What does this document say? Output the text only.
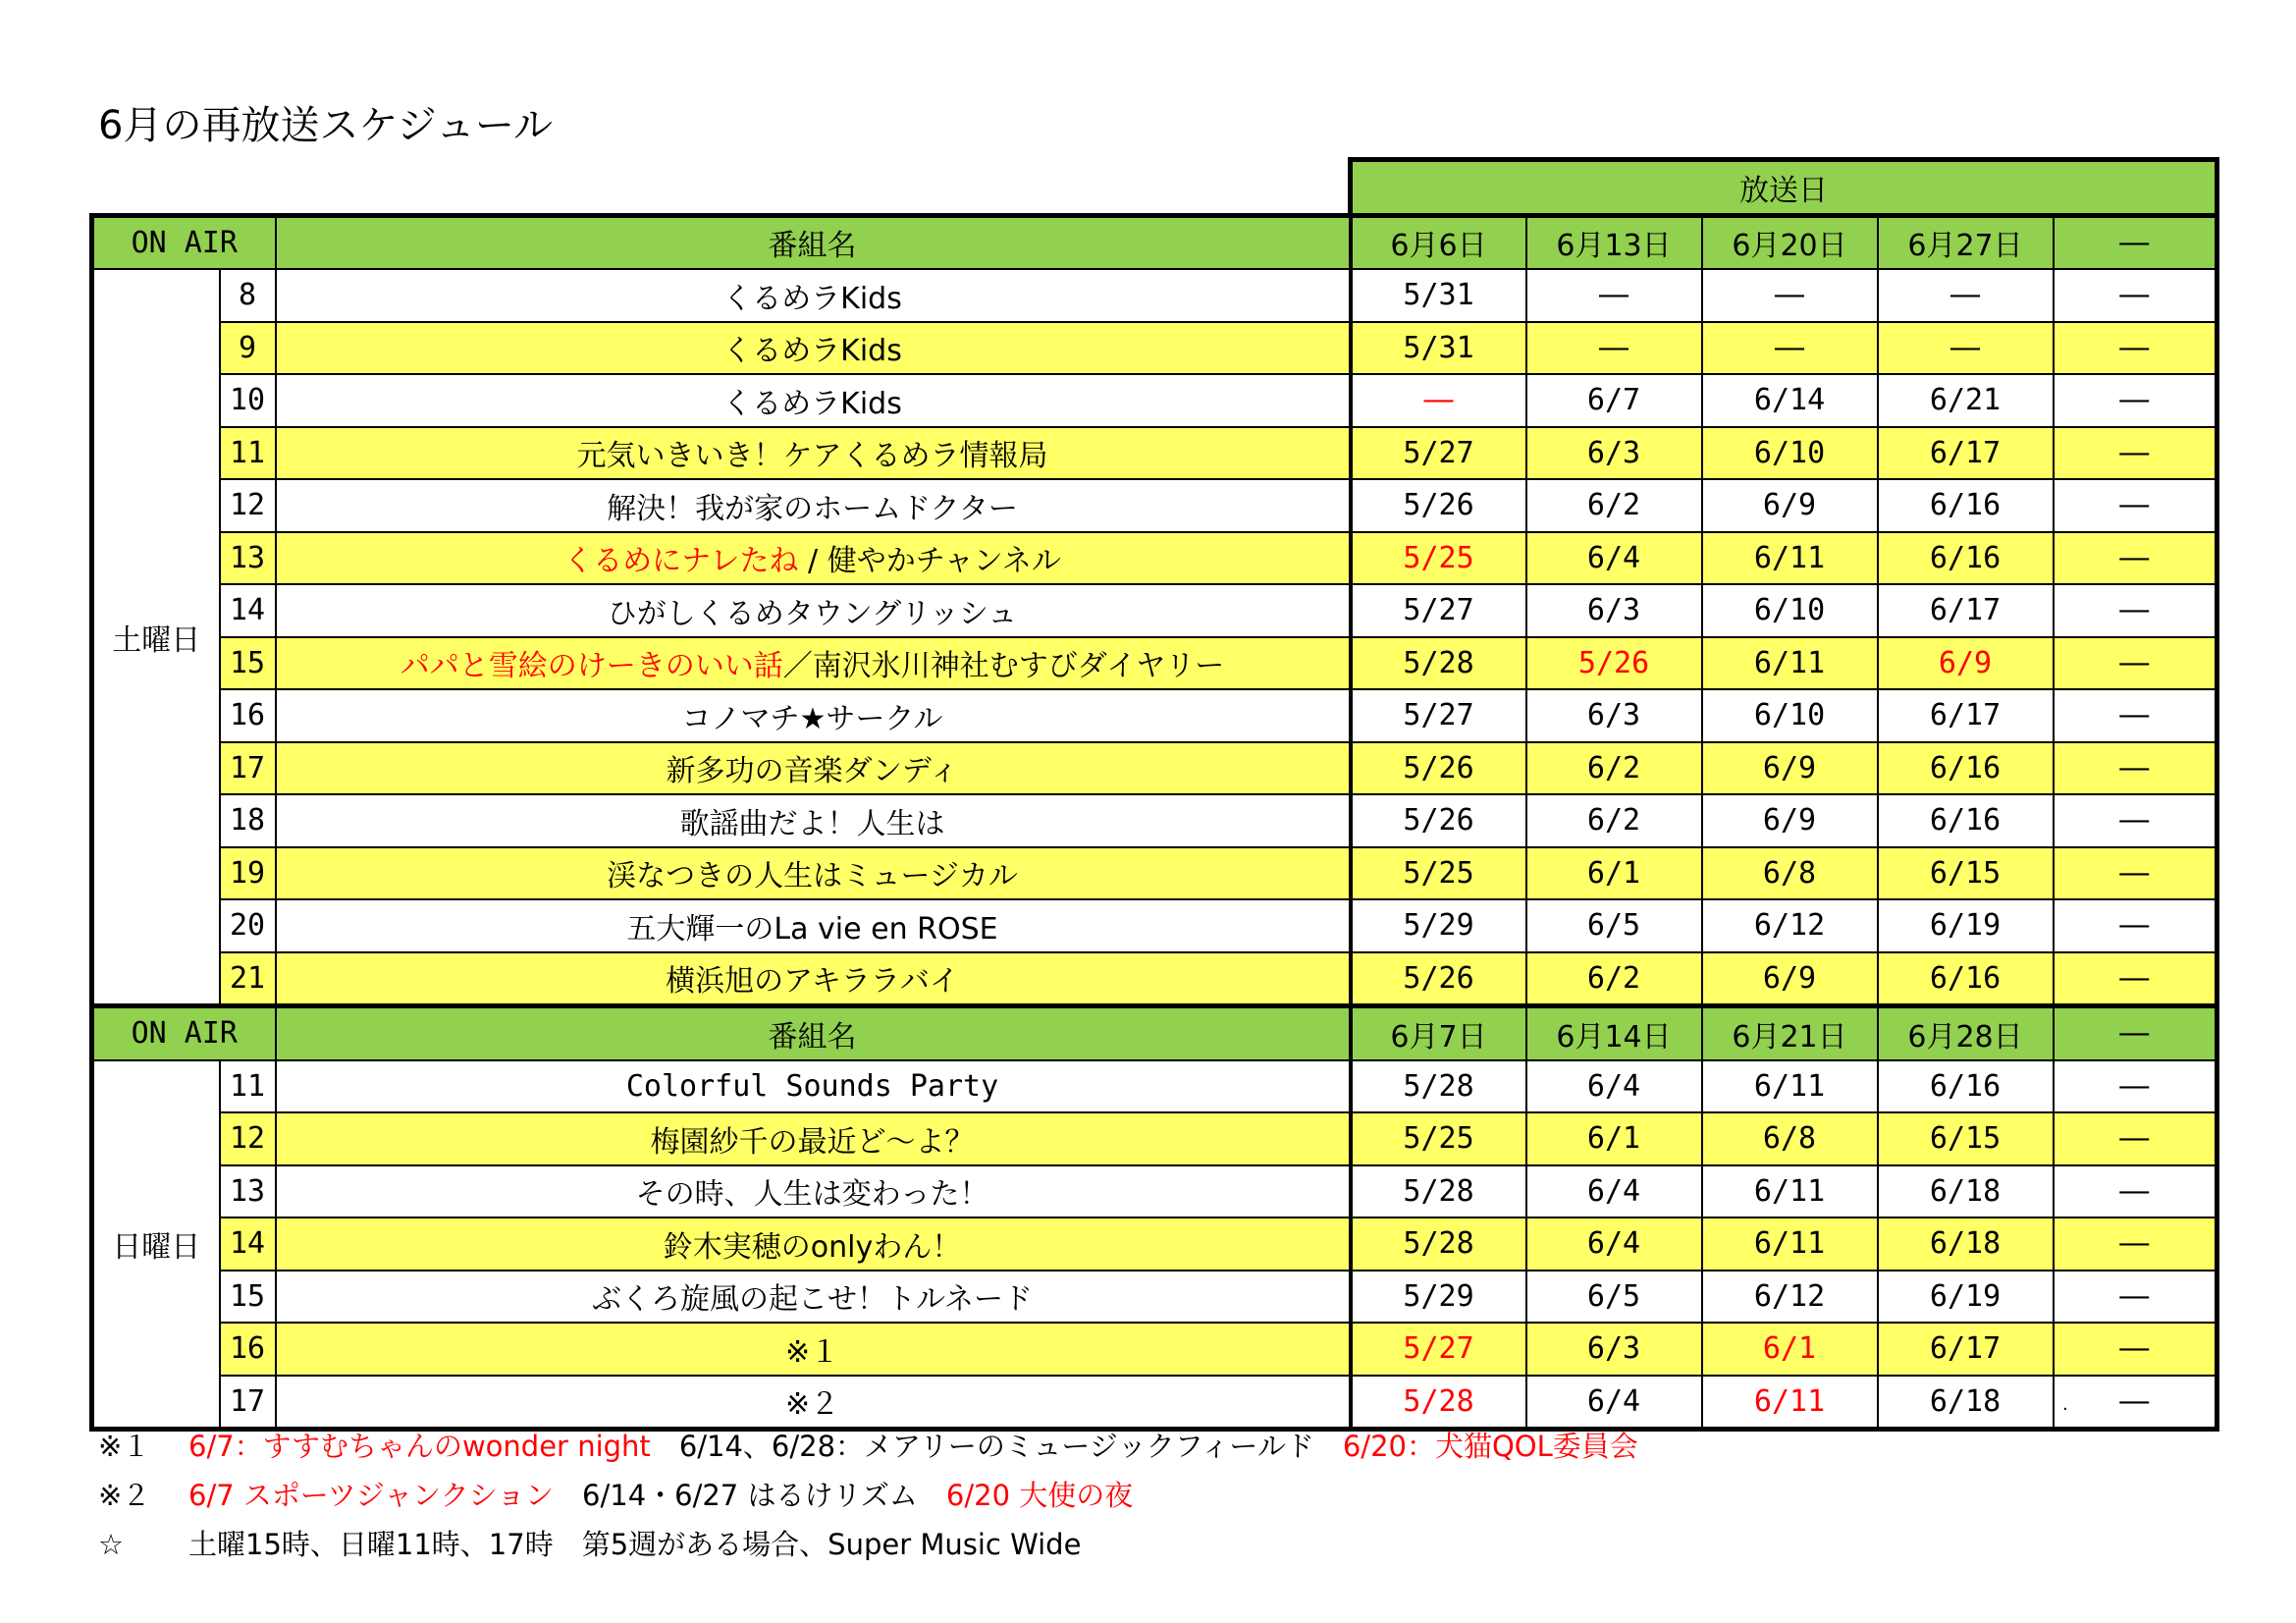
6月の再放送スケジュール
			放送日				
ON AIR		番組名	6月6日	6月13日	6月20日	6月27日	―
土曜日	8	くるめラKids	5/31	―	―	―	―
	9	くるめラKids	5/31	―	―	―	―
	10	くるめラKids	―	6/7	6/14	6/21	―
	11	元気いきいき！ケアくるめラ情報局	5/27	6/3	6/10	6/17	―
	12	解決！我が家のホームドクター	5/26	6/2	6/9	6/16	―
	13	くるめにナレたね / 健やかチャンネル	5/25	6/4	6/11	6/16	―
	14	ひがしくるめタウングリッシュ	5/27	6/3	6/10	6/17	―
	15	パパと雪絵のけーきのいい話／南沢氷川神社むすびダイヤリー	5/28	5/26	6/11	6/9	―
	16	コノマチ★サークル	5/27	6/3	6/10	6/17	―
	17	新多功の音楽ダンディ	5/26	6/2	6/9	6/16	―
	18	歌謡曲だよ！人生は	5/26	6/2	6/9	6/16	―
	19	渓なつきの人生はミュージカル	5/25	6/1	6/8	6/15	―
	20	五大輝一のLa vie en ROSE	5/29	6/5	6/12	6/19	―
	21	横浜旭のアキララバイ	5/26	6/2	6/9	6/16	―
ON AIR		番組名	6月7日	6月14日	6月21日	6月28日	―
日曜日	11	Colorful Sounds Party	5/28	6/4	6/11	6/16	―
	12	梅園紗千の最近ど～よ？	5/25	6/1	6/8	6/15	―
	13	その時、人生は変わった！	5/28	6/4	6/11	6/18	―
	14	鈴木実穂のonlyわん！	5/28	6/4	6/11	6/18	―
	15	ぶくろ旋風の起こせ！トルネード	5/29	6/5	6/12	6/19	―
	16	※１	5/27	6/3	6/1	6/17	―
	17	※２	5/28	6/4	6/11	6/18	―
.
※１ 6/7：すすむちゃんのwonder night　 6/14、6/28：メアリーのミュージックフィールド　 6/20：犬猫QOL委員会
※２ 6/7 スポーツジャンクション　 6/14・6/27 はるけリズム　 6/20 大使の夜
☆ 土曜15時、日曜11時、17時　第5週がある場合、Super Music Wide
